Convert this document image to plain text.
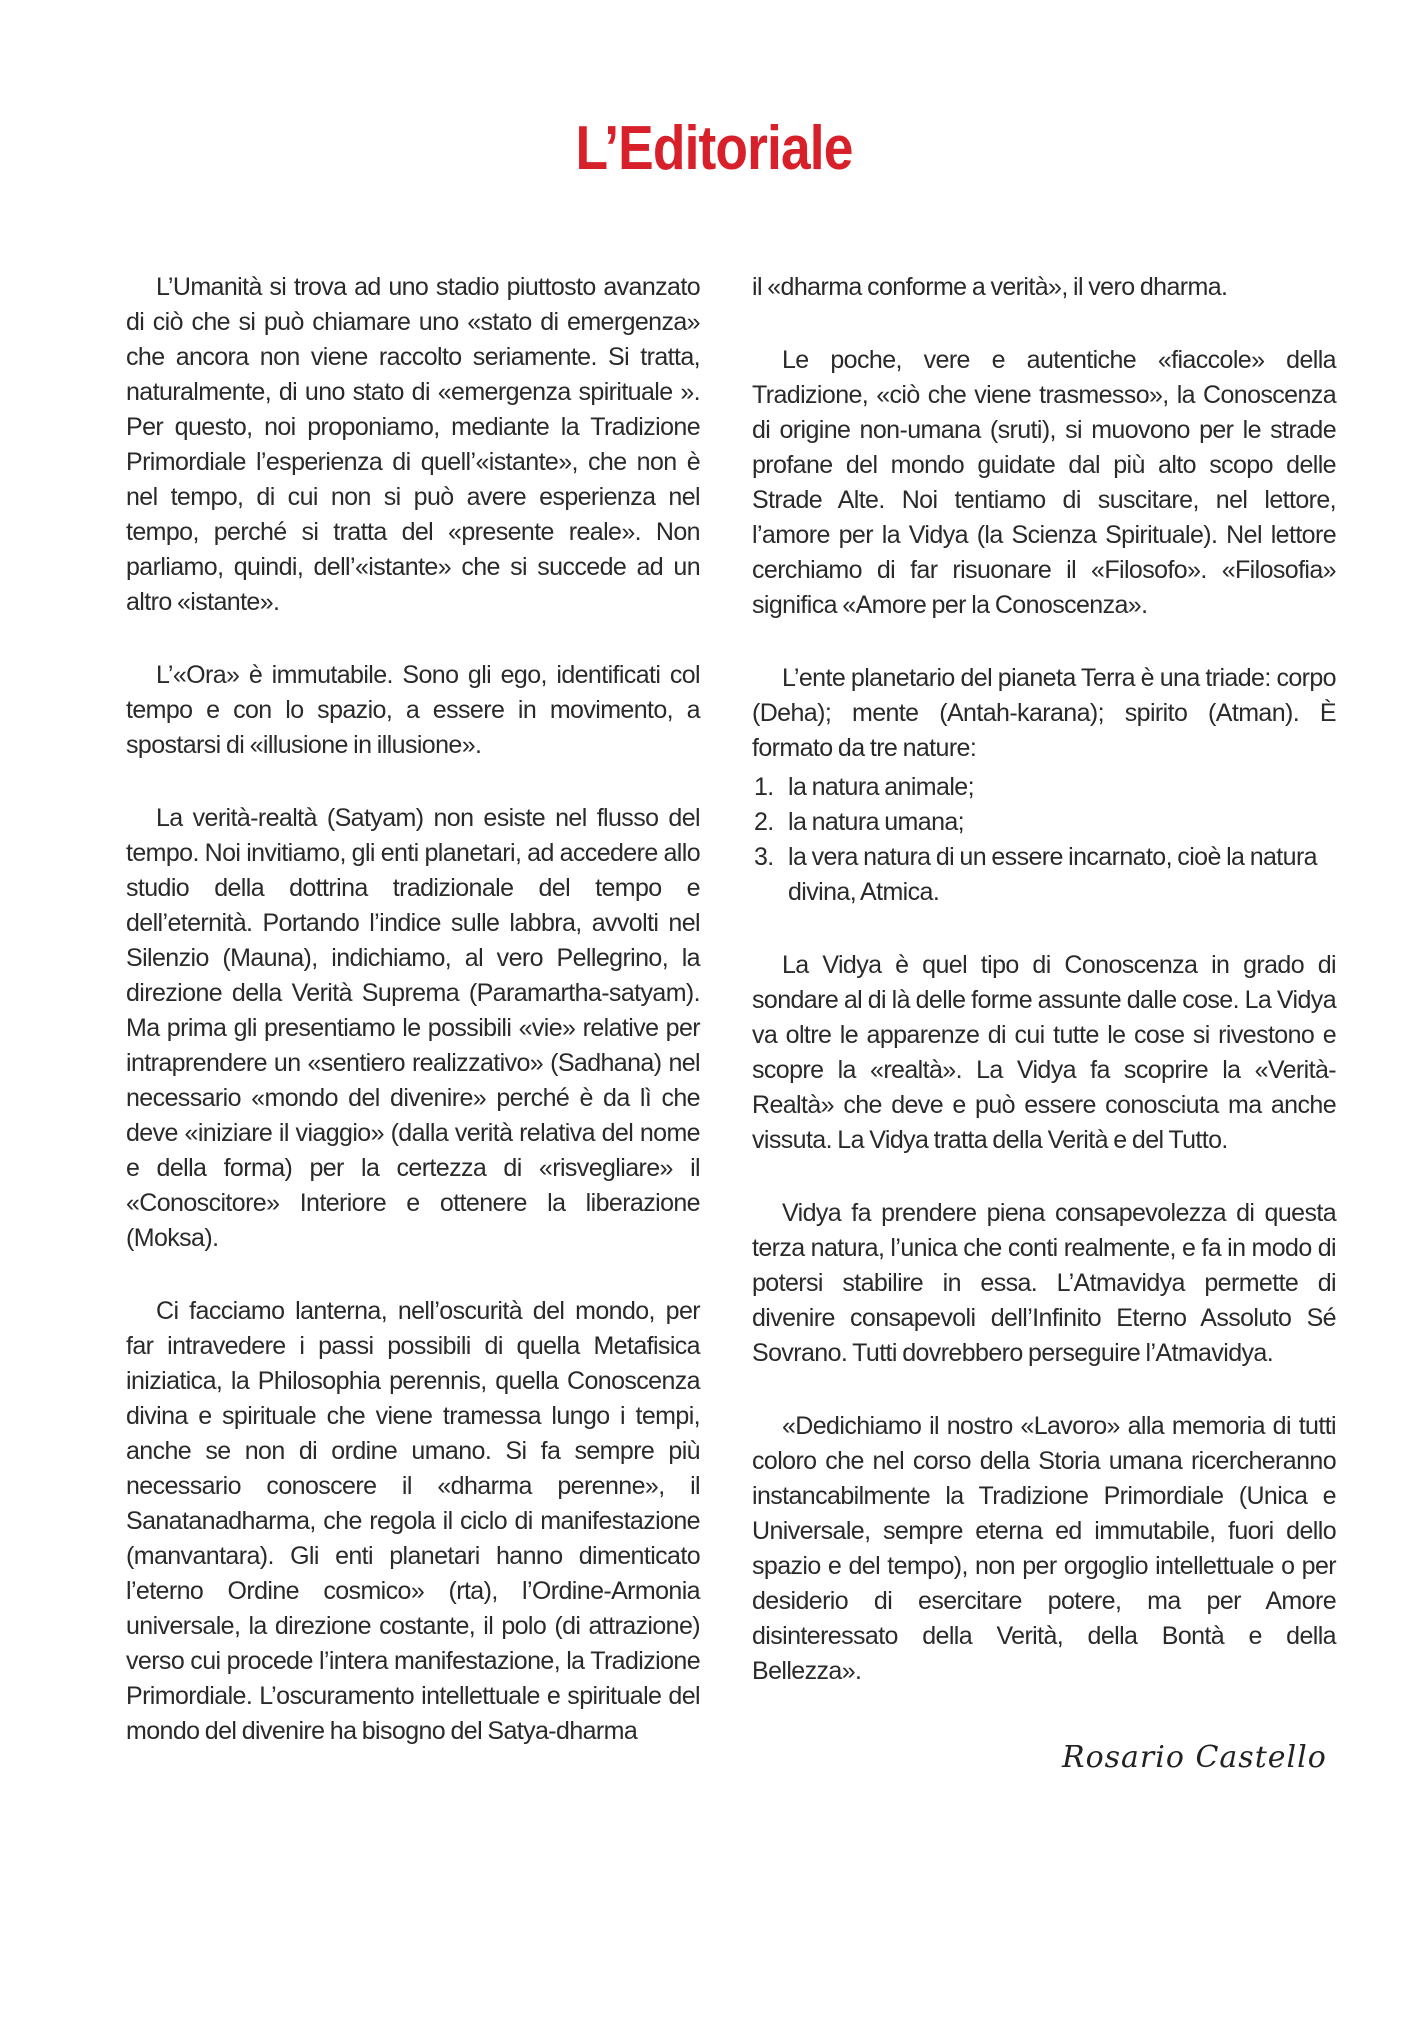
L’Editoriale

L’Umanità si trova ad uno stadio piuttosto avanzato di ciò che si può chiamare uno «stato di emergenza» che ancora non viene raccolto seriamente. Si tratta, naturalmente, di uno stato di «emergenza spirituale ». Per questo, noi proponiamo, mediante la Tradizione Primordiale l’esperienza di quell’«istante», che non è nel tempo, di cui non si può avere esperienza nel tempo, perché si tratta del «presente reale». Non parliamo, quindi, dell’«istante» che si succede ad un altro «istante».

L’«Ora» è immutabile. Sono gli ego, identificati col tempo e con lo spazio, a essere in movimento, a spostarsi di «illusione in illusione».

La verità-realtà (Satyam) non esiste nel flusso del tempo. Noi invitiamo, gli enti planetari, ad accedere allo studio della dottrina tradizionale del tempo e dell’eternità. Portando l’indice sulle labbra, avvolti nel Silenzio (Mauna), indichiamo, al vero Pellegrino, la direzione della Verità Suprema (Paramartha-satyam). Ma prima gli presentiamo le possibili «vie» relative per intraprendere un «sentiero realizzativo» (Sadhana) nel necessario «mondo del divenire» perché è da lì che deve «iniziare il viaggio» (dalla verità relativa del nome e della forma) per la certezza di «risvegliare» il «Conoscitore» Interiore e ottenere la liberazione (Moksa).

Ci facciamo lanterna, nell’oscurità del mondo, per far intravedere i passi possibili di quella Metafisica iniziatica, la Philosophia perennis, quella Conoscenza divina e spirituale che viene tramessa lungo i tempi, anche se non di ordine umano. Si fa sempre più necessario conoscere il «dharma perenne», il Sanatanadharma, che regola il ciclo di manifestazione (manvantara). Gli enti planetari hanno dimenticato l’eterno Ordine cosmico» (rta), l’Ordine-Armonia universale, la direzione costante, il polo (di attrazione) verso cui procede l’intera manifestazione, la Tradizione Primordiale. L’oscuramento intellettuale e spirituale del mondo del divenire ha bisogno del Satya-dharma

il «dharma conforme a verità», il vero dharma.

Le poche, vere e autentiche «fiaccole» della Tradizione, «ciò che viene trasmesso», la Conoscenza di origine non-umana (sruti), si muovono per le strade profane del mondo guidate dal più alto scopo delle Strade Alte. Noi tentiamo di suscitare, nel lettore, l’amore per la Vidya (la Scienza Spirituale). Nel lettore cerchiamo di far risuonare il «Filosofo». «Filosofia» significa «Amore per la Conoscenza».

L’ente planetario del pianeta Terra è una triade: corpo (Deha); mente (Antah-karana); spirito (Atman). È formato da tre nature:

1. la natura animale;
2. la natura umana;
3. la vera natura di un essere incarnato, cioè la natura divina, Atmica.

La Vidya è quel tipo di Conoscenza in grado di sondare al di là delle forme assunte dalle cose. La Vidya va oltre le apparenze di cui tutte le cose si rivestono e scopre la «realtà». La Vidya fa scoprire la «Verità-Realtà» che deve e può essere conosciuta ma anche vissuta. La Vidya tratta della Verità e del Tutto.

Vidya fa prendere piena consapevolezza di questa terza natura, l’unica che conti realmente, e fa in modo di potersi stabilire in essa. L’Atmavidya permette di divenire consapevoli dell’Infinito Eterno Assoluto Sé Sovrano. Tutti dovrebbero perseguire l’Atmavidya.

«Dedichiamo il nostro «Lavoro» alla memoria di tutti coloro che nel corso della Storia umana ricercheranno instancabilmente la Tradizione Primordiale (Unica e Universale, sempre eterna ed immutabile, fuori dello spazio e del tempo), non per orgoglio intellettuale o per desiderio di esercitare potere, ma per Amore disinteressato della Verità, della Bontà e della Bellezza».

Rosario Castello
